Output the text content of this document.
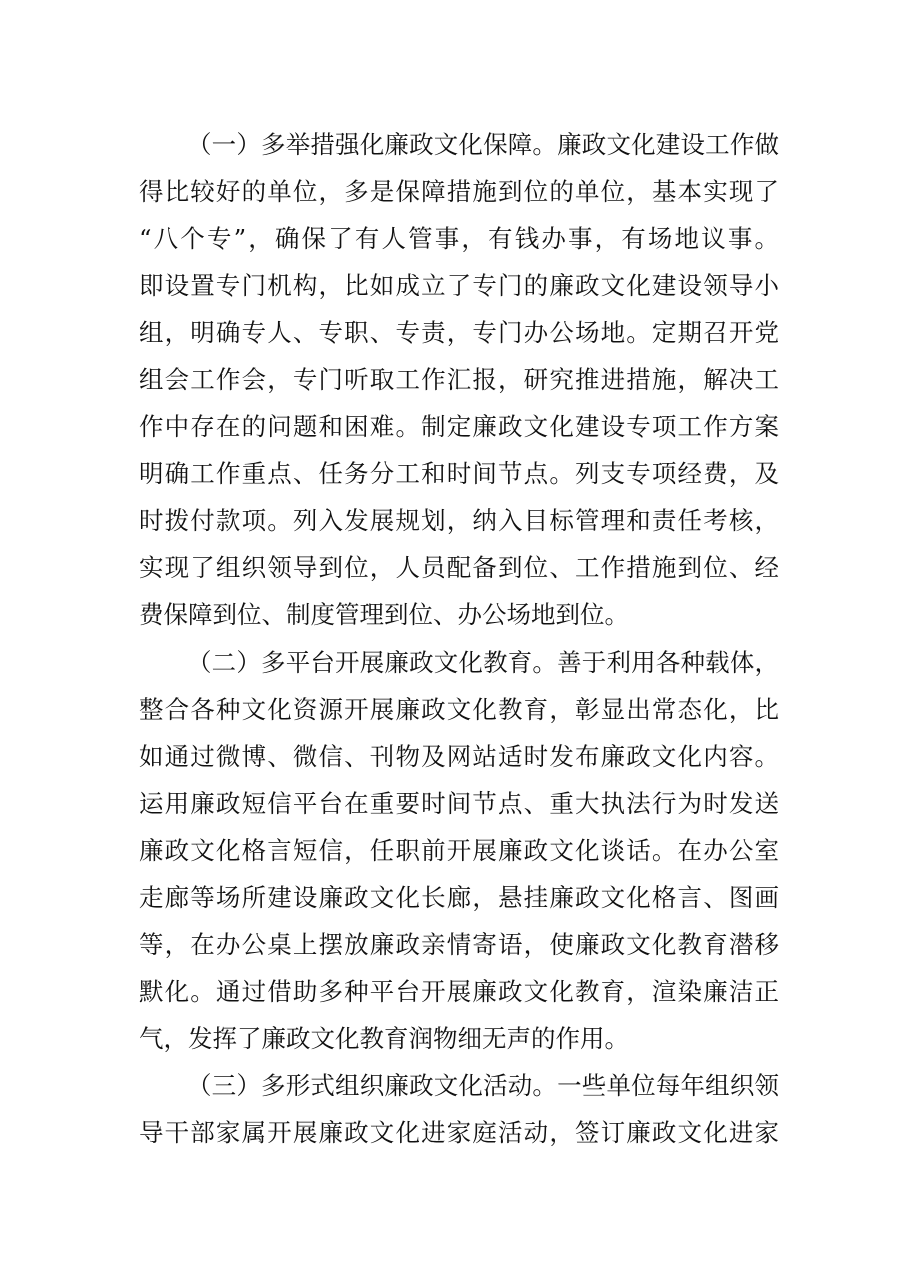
（一）多举措强化廉政文化保障。廉政文化建设工作做
得比较好的单位，多是保障措施到位的单位，基本实现了
“八个专”，确保了有人管事，有钱办事，有场地议事。
即设置专门机构，比如成立了专门的廉政文化建设领导小
组，明确专人、专职、专责，专门办公场地。定期召开党
组会工作会，专门听取工作汇报，研究推进措施，解决工
作中存在的问题和困难。制定廉政文化建设专项工作方案
明确工作重点、任务分工和时间节点。列支专项经费，及
时拨付款项。列入发展规划，纳入目标管理和责任考核，
实现了组织领导到位，人员配备到位、工作措施到位、经
费保障到位、制度管理到位、办公场地到位。
（二）多平台开展廉政文化教育。善于利用各种载体，
整合各种文化资源开展廉政文化教育，彰显出常态化，比
如通过微博、微信、刊物及网站适时发布廉政文化内容。
运用廉政短信平台在重要时间节点、重大执法行为时发送
廉政文化格言短信，任职前开展廉政文化谈话。在办公室
走廊等场所建设廉政文化长廊，悬挂廉政文化格言、图画
等，在办公桌上摆放廉政亲情寄语，使廉政文化教育潜移
默化。通过借助多种平台开展廉政文化教育，渲染廉洁正
气，发挥了廉政文化教育润物细无声的作用。
（三）多形式组织廉政文化活动。一些单位每年组织领
导干部家属开展廉政文化进家庭活动，签订廉政文化进家
